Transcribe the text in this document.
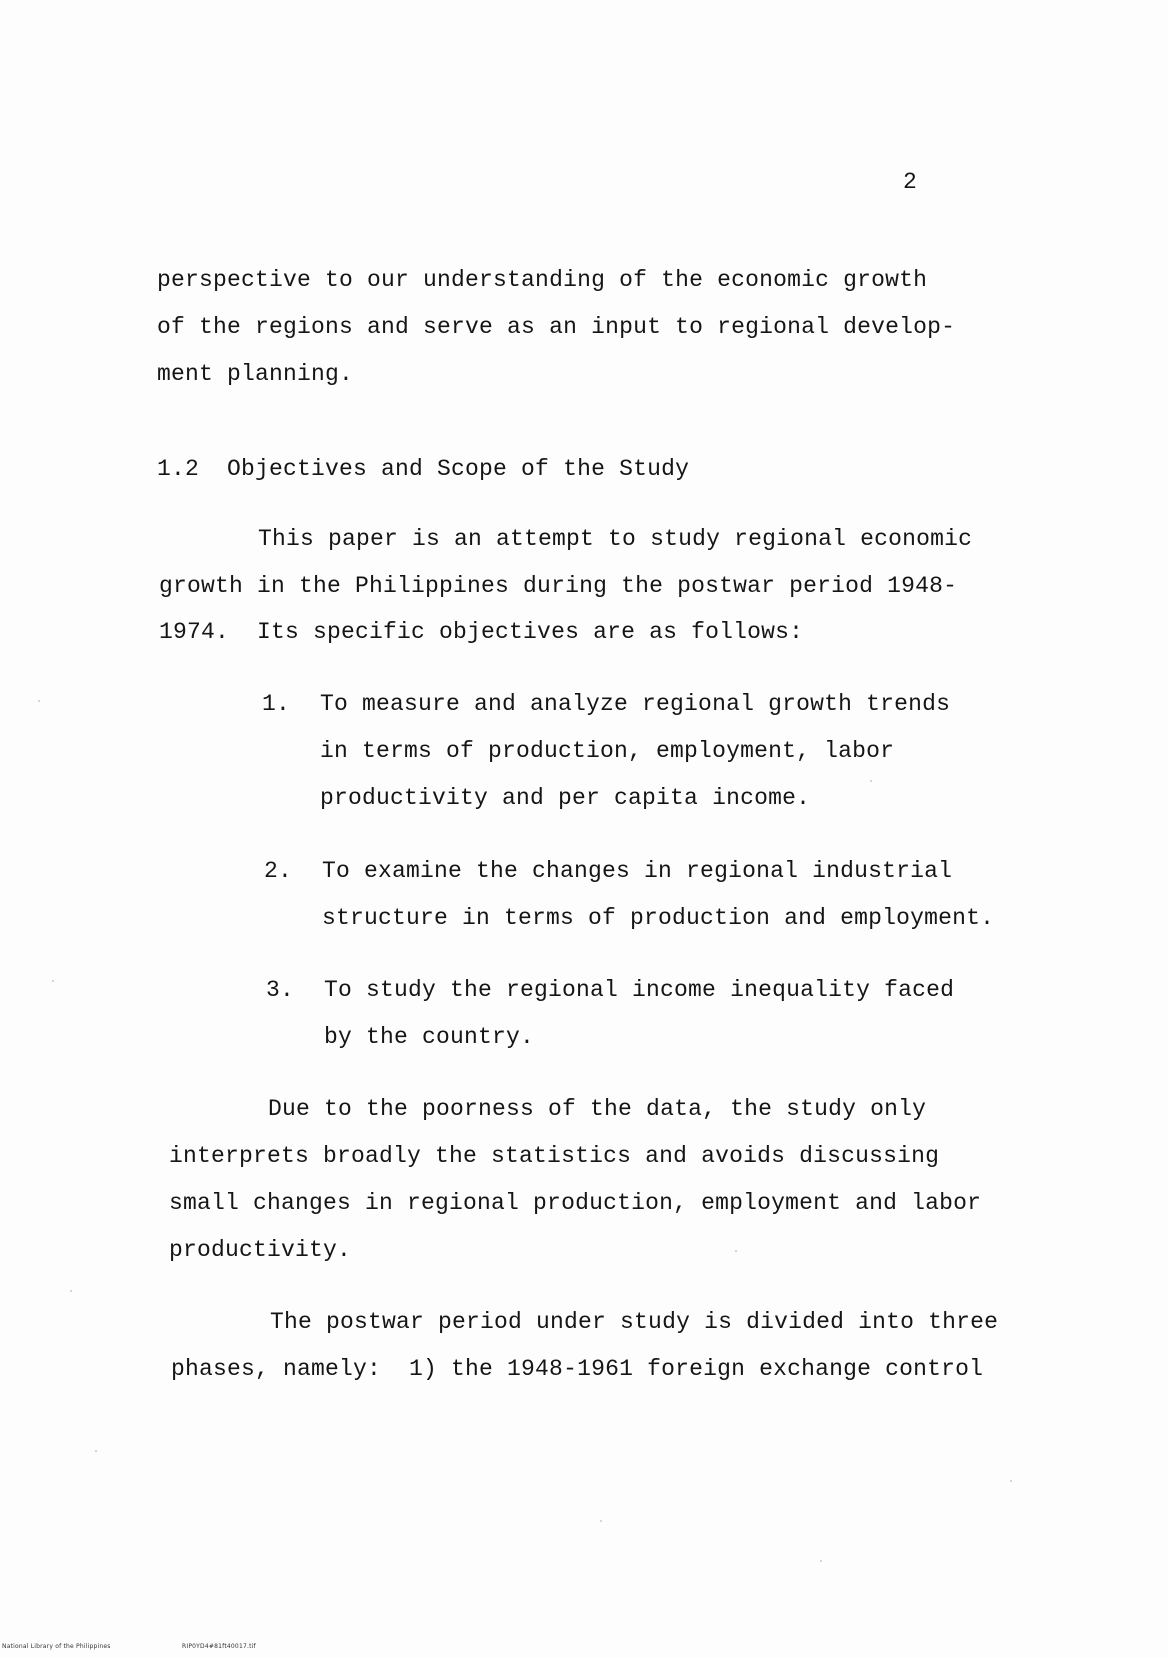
2
perspective to our understanding of the economic growth
of the regions and serve as an input to regional develop-
ment planning.
1.2  Objectives and Scope of the Study
This paper is an attempt to study regional economic
growth in the Philippines during the postwar period 1948-
1974.  Its specific objectives are as follows:
1. To measure and analyze regional growth trends
in terms of production, employment, labor
productivity and per capita income.
2. To examine the changes in regional industrial
structure in terms of production and employment.
3. To study the regional income inequality faced
by the country.
Due to the poorness of the data, the study only
interprets broadly the statistics and avoids discussing
small changes in regional production, employment and labor
productivity.
The postwar period under study is divided into three
phases, namely:  1) the 1948-1961 foreign exchange control
National Library of the Philippines	RIP0YD4#81ft40017.tif
